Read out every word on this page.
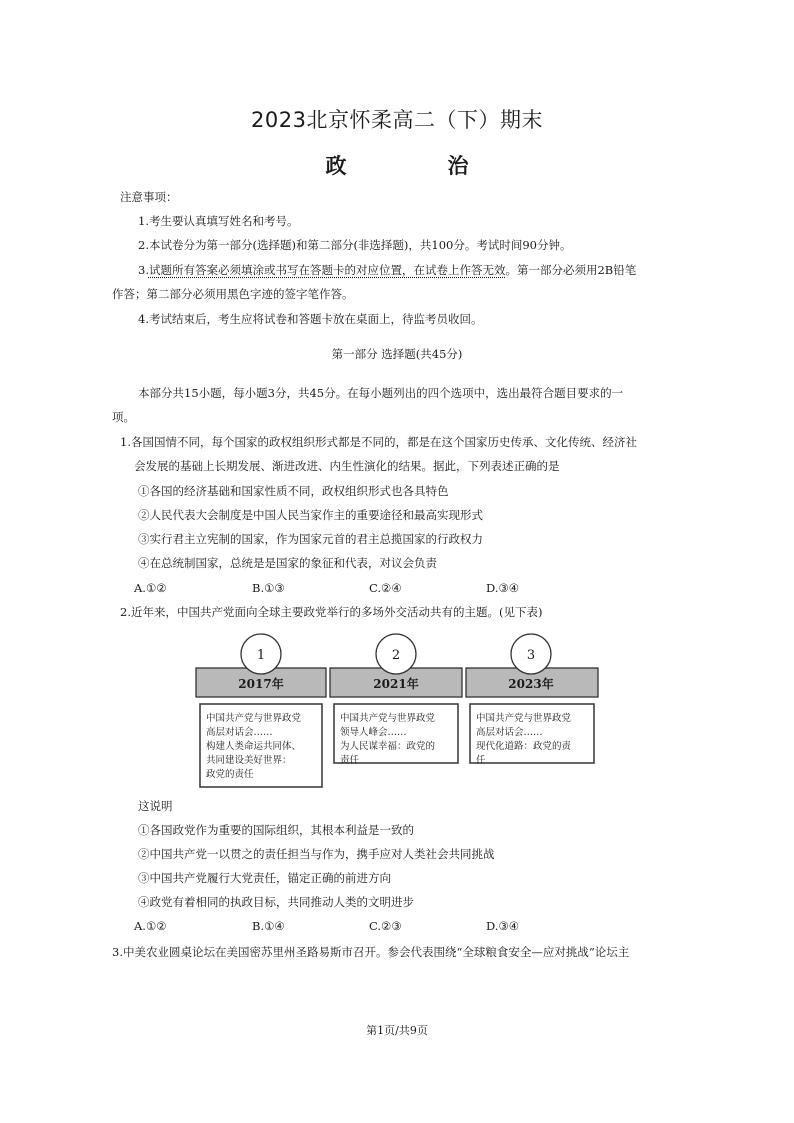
2023北京怀柔高二（下）期末
政　治
注意事项：
1.考生要认真填写姓名和考号。
2.本试卷分为第一部分(选择题)和第二部分(非选择题)，共100分。考试时间90分钟。
3.试题所有答案必须填涂或书写在答题卡的对应位置，在试卷上作答无效。第一部分必须用2B铅笔
作答；第二部分必须用黑色字迹的签字笔作答。
4.考试结束后，考生应将试卷和答题卡放在桌面上，待监考员收回。
第一部分 选择题(共45分)
本部分共15小题，每小题3分，共45分。在每小题列出的四个选项中，选出最符合题目要求的一
项。
1.各国国情不同，每个国家的政权组织形式都是不同的，都是在这个国家历史传承、文化传统、经济社
会发展的基础上长期发展、渐进改进、内生性演化的结果。据此，下列表述正确的是
①各国的经济基础和国家性质不同，政权组织形式也各具特色
②人民代表大会制度是中国人民当家作主的重要途径和最高实现形式
③实行君主立宪制的国家，作为国家元首的君主总揽国家的行政权力
④在总统制国家，总统是是国家的象征和代表，对议会负责
A.①②	B.①③	C.②④	D.③④
2.近年来，中国共产党面向全球主要政党举行的多场外交活动共有的主题。(见下表)
1
2017年
中国共产党与世界政党
高层对话会……
构建人类命运共同体、
共同建设美好世界：
政党的责任
2
2021年
中国共产党与世界政党
领导人峰会……
为人民谋幸福：政党的
责任
3
2023年
中国共产党与世界政党
高层对话会……
现代化道路：政党的责
任
这说明
①各国政党作为重要的国际组织，其根本利益是一致的
②中国共产党一以贯之的责任担当与作为，携手应对人类社会共同挑战
③中国共产党履行大党责任，锚定正确的前进方向
④政党有着相同的执政目标，共同推动人类的文明进步
A.①②	B.①④	C.②③	D.③④
3.中美农业圆桌论坛在美国密苏里州圣路易斯市召开。参会代表围绕“全球粮食安全—应对挑战”论坛主
第1页/共9页
